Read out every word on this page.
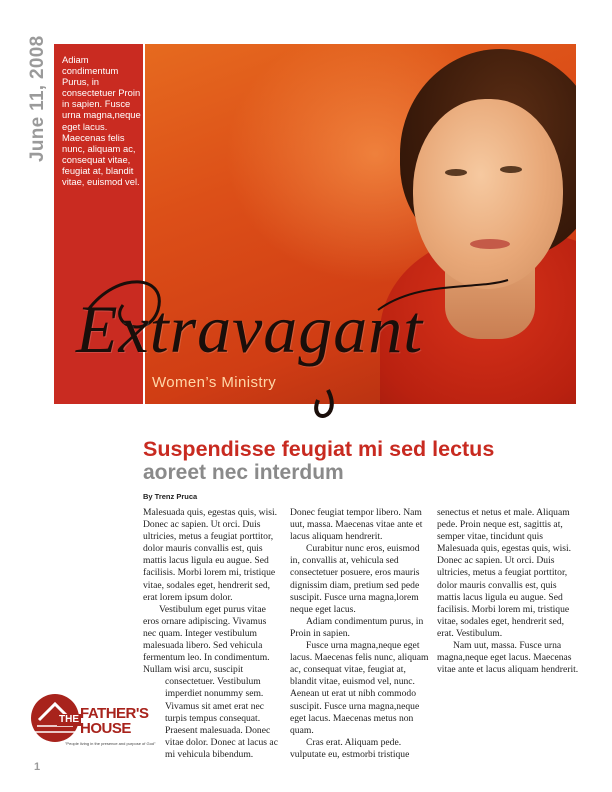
June 11, 2008 Adiam condimentum Purus, in consectetuer Proin in sapien. Fusce urna magna,neque eget lacus. Maecenas felis nunc, aliquam ac, consequat vitae, feugiat at, blandit vitae, euismod vel.
Extravagant
Women’s Ministry
Suspendisse feugiat mi sed lectus
aoreet nec interdum
By Trenz Pruca

Malesuada quis, egestas quis, wisi. Donec ac sapien. Ut orci. Duis ultricies, metus a feugiat porttitor, dolor mauris convallis est, quis mattis lacus ligula eu augue. Sed facilisis. Morbi lorem mi, tristique vitae, sodales eget, hendrerit sed, erat lorem ipsum dolor.

Vestibulum eget purus vitae eros ornare adipiscing. Vivamus nec quam. Integer vestibulum malesuada libero. Sed vehicula fermentum leo. In condimentum. Nullam wisi arcu, suscipit

consectetuer. Vestibulum imperdiet nonummy sem. Vivamus sit amet erat nec turpis tempus consequat. Praesent malesuada. Donec vitae dolor. Donec at lacus ac mi vehicula bibendum.

Donec feugiat tempor libero. Nam uut, massa. Maecenas vitae ante et lacus aliquam hendrerit.

Curabitur nunc eros, euismod in, convallis at, vehicula sed consectetuer posuere, eros mauris dignissim diam, pretium sed pede suscipit. Fusce urna magna,lorem neque eget lacus.

Adiam condimentum purus, in Proin in sapien.

Fusce urna magna,neque eget lacus. Maecenas felis nunc, aliquam ac, consequat vitae, feugiat at, blandit vitae, euismod vel, nunc. Aenean ut erat ut nibh commodo suscipit. Fusce urna magna,neque eget lacus. Maecenas metus non quam.

Cras erat. Aliquam pede. vulputate eu, estmorbi tristique

senectus et netus et male. Aliquam pede. Proin neque est, sagittis at, semper vitae, tincidunt quis Malesuada quis, egestas quis, wisi. Donec ac sapien. Ut orci. Duis ultricies, metus a feugiat porttitor, dolor mauris convallis est, quis mattis lacus ligula eu augue. Sed facilisis. Morbi lorem mi, tristique vitae, sodales eget, hendrerit sed, erat. Vestibulum.

Nam uut, massa. Fusce urna magna,neque eget lacus. Maecenas vitae ante et lacus aliquam hendrerit.

THE FATHER'S
HOUSE
"People living in the presence and purpose of God"
1
